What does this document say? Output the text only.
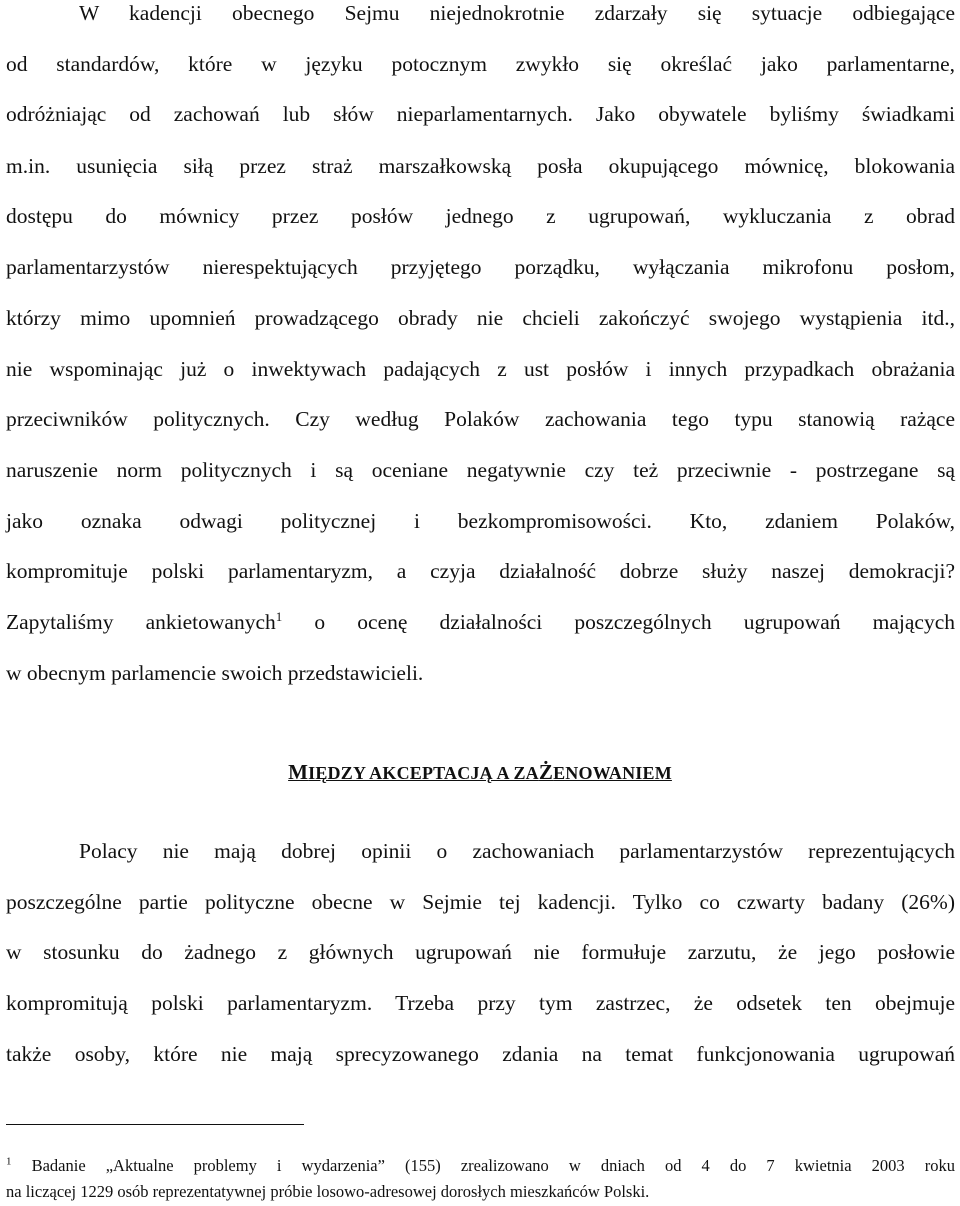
W kadencji obecnego Sejmu niejednokrotnie zdarzały się sytuacje odbiegające
od standardów, które w języku potocznym zwykło się określać jako parlamentarne,
odróżniając od zachowań lub słów nieparlamentarnych. Jako obywatele byliśmy świadkami
m.in. usunięcia siłą przez straż marszałkowską posła okupującego mównicę, blokowania
dostępu do mównicy przez posłów jednego z ugrupowań, wykluczania z obrad
parlamentarzystów nierespektujących przyjętego porządku, wyłączania mikrofonu posłom,
którzy mimo upomnień prowadzącego obrady nie chcieli zakończyć swojego wystąpienia itd.,
nie wspominając już o inwektywach padających z ust posłów i innych przypadkach obrażania
przeciwników politycznych. Czy według Polaków zachowania tego typu stanowią rażące
naruszenie norm politycznych i są oceniane negatywnie czy też przeciwnie - postrzegane są
jako oznaka odwagi politycznej i bezkompromisowości. Kto, zdaniem Polaków,
kompromituje polski parlamentaryzm, a czyja działalność dobrze służy naszej demokracji?
Zapytaliśmy ankietowanych$^1$ o ocenę działalności poszczególnych ugrupowań mających
w obecnym parlamencie swoich przedstawicieli.
MIĘDZY AKCEPTACJĄ A ZAŻENOWANIEM
Polacy nie mają dobrej opinii o zachowaniach parlamentarzystów reprezentujących
poszczególne partie polityczne obecne w Sejmie tej kadencji. Tylko co czwarty badany (26%)
w stosunku do żadnego z głównych ugrupowań nie formułuje zarzutu, że jego posłowie
kompromitują polski parlamentaryzm. Trzeba przy tym zastrzec, że odsetek ten obejmuje
także osoby, które nie mają sprecyzowanego zdania na temat funkcjonowania ugrupowań
$^1$ Badanie „Aktualne problemy i wydarzenia” (155) zrealizowano w dniach od 4 do 7 kwietnia 2003 roku
na liczącej 1229 osób reprezentatywnej próbie losowo-adresowej dorosłych mieszkańców Polski.
